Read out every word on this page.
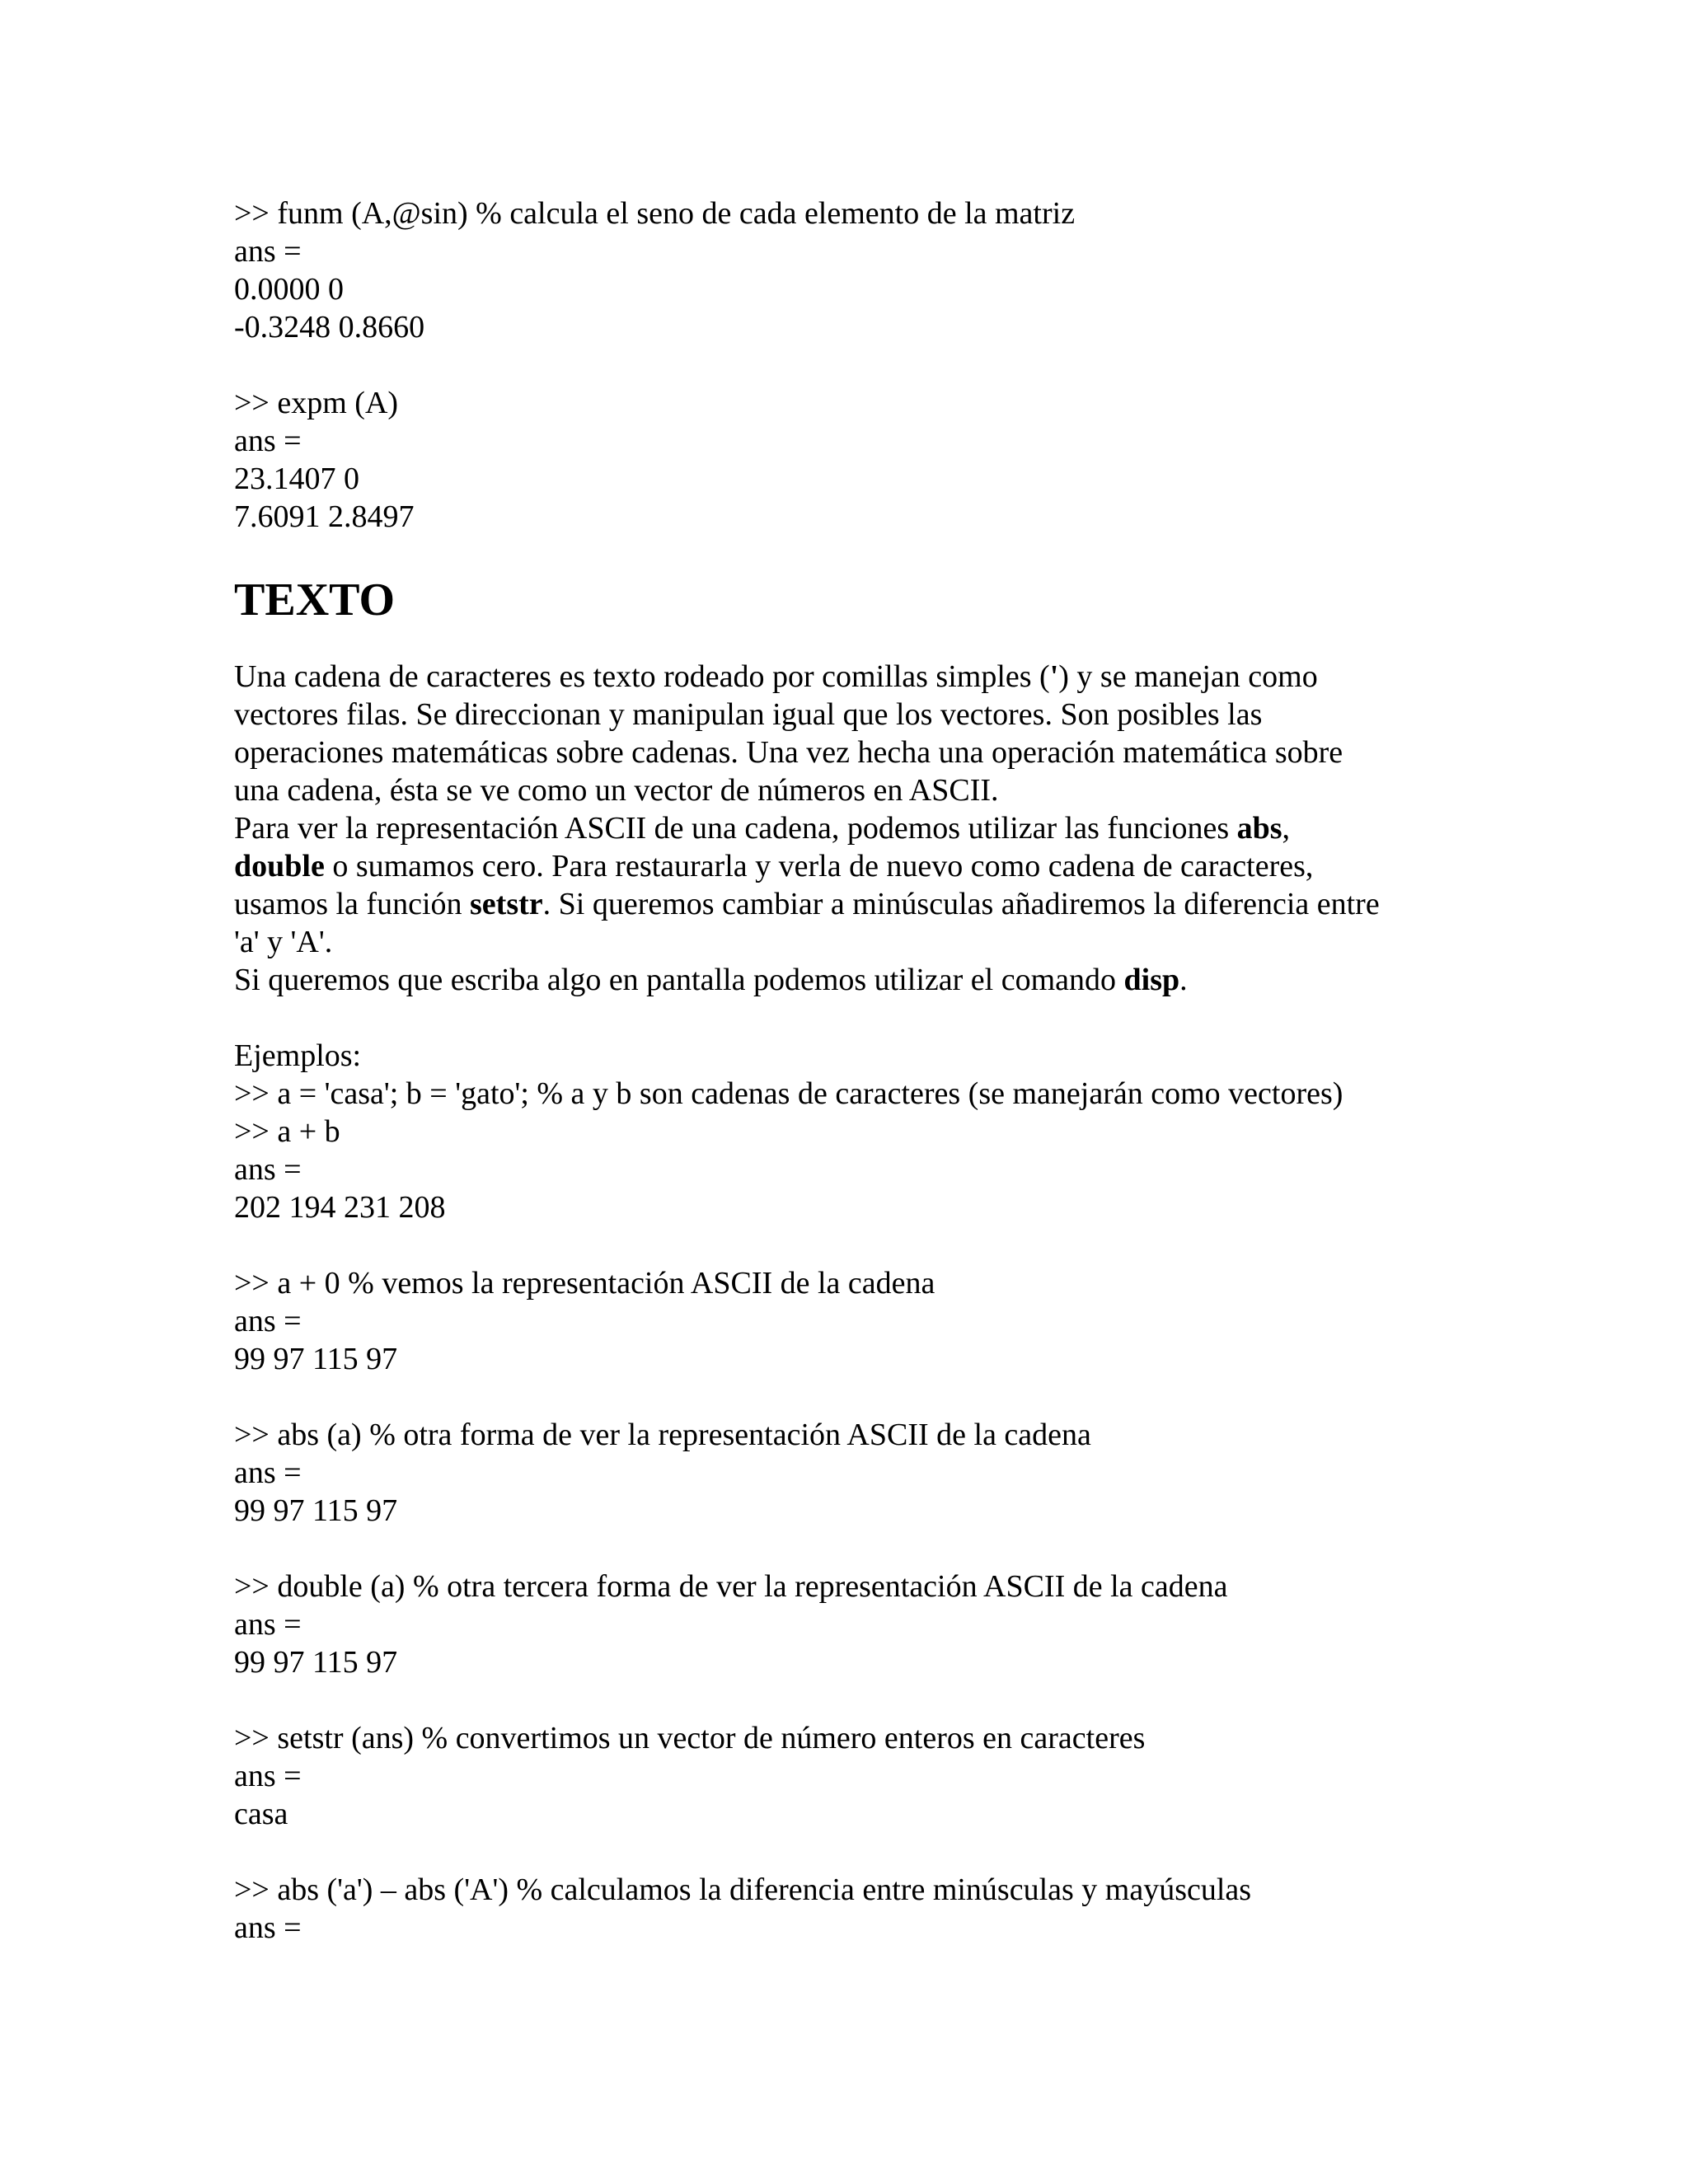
>> funm (A,@sin) % calcula el seno de cada elemento de la matriz
ans =
0.0000 0
-0.3248 0.8660
>> expm (A)
ans =
23.1407 0
7.6091 2.8497
TEXTO
Una cadena de caracteres es texto rodeado por comillas simples (') y se manejan como
vectores filas. Se direccionan y manipulan igual que los vectores. Son posibles las
operaciones matemáticas sobre cadenas. Una vez hecha una operación matemática sobre
una cadena, ésta se ve como un vector de números en ASCII.
Para ver la representación ASCII de una cadena, podemos utilizar las funciones abs,
double o sumamos cero. Para restaurarla y verla de nuevo como cadena de caracteres,
usamos la función setstr. Si queremos cambiar a minúsculas añadiremos la diferencia entre
'a' y 'A'.
Si queremos que escriba algo en pantalla podemos utilizar el comando disp.
Ejemplos:
>> a = 'casa'; b = 'gato'; % a y b son cadenas de caracteres (se manejarán como vectores)
>> a + b
ans =
202 194 231 208
>> a + 0 % vemos la representación ASCII de la cadena
ans =
99 97 115 97
>> abs (a) % otra forma de ver la representación ASCII de la cadena
ans =
99 97 115 97
>> double (a) % otra tercera forma de ver la representación ASCII de la cadena
ans =
99 97 115 97
>> setstr (ans) % convertimos un vector de número enteros en caracteres
ans =
casa
>> abs ('a') – abs ('A') % calculamos la diferencia entre minúsculas y mayúsculas
ans =
